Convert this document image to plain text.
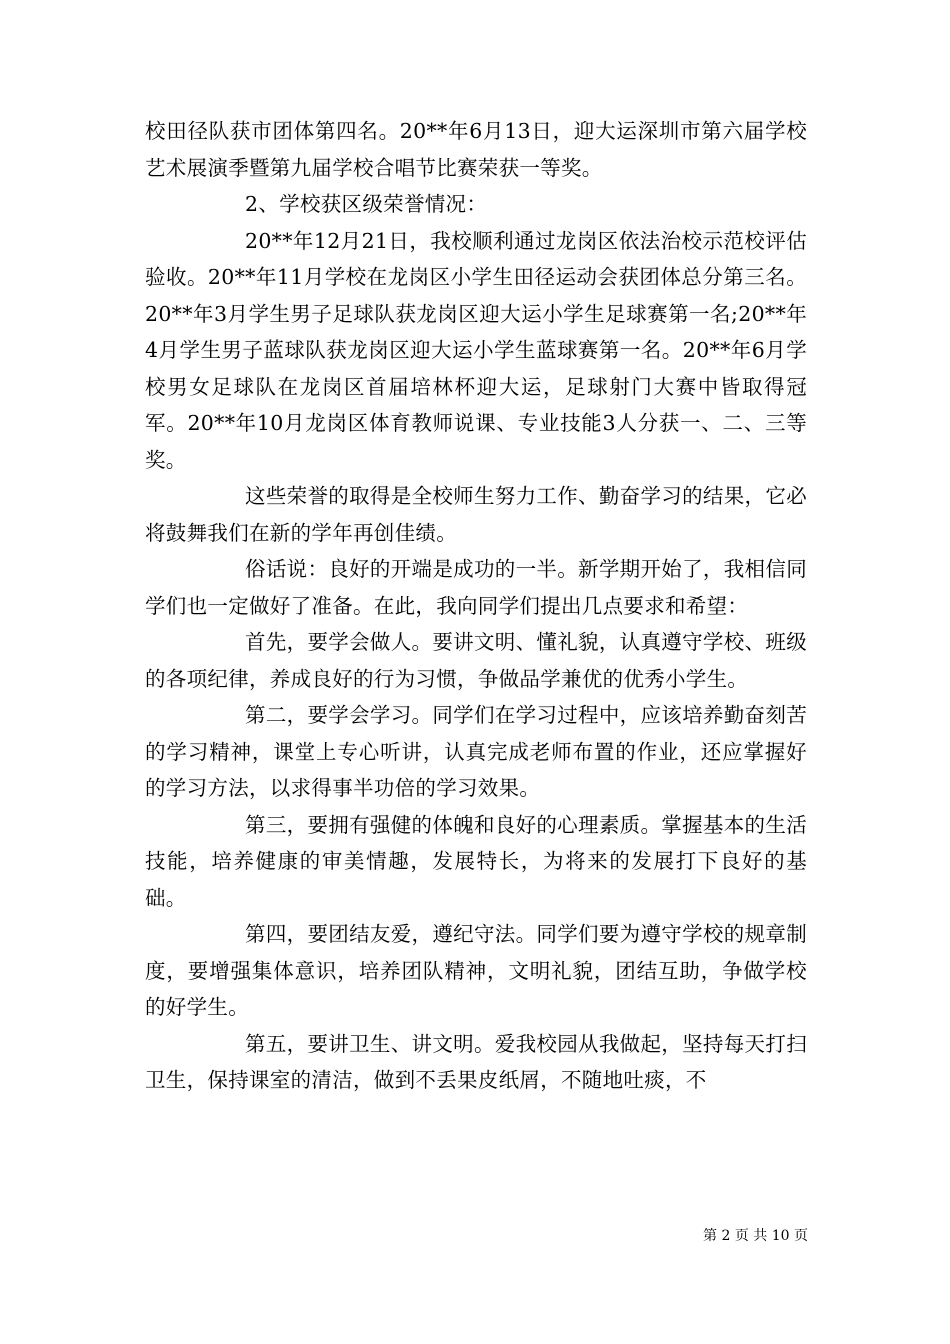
校田径队获市团体第四名。20**年6月13日，迎大运深圳市第六届学校艺术展演季暨第九届学校合唱节比赛荣获一等奖。

2、学校获区级荣誉情况：

20**年12月21日，我校顺利通过龙岗区依法治校示范校评估验收。20**年11月学校在龙岗区小学生田径运动会获团体总分第三名。20**年3月学生男子足球队获龙岗区迎大运小学生足球赛第一名;20**年4月学生男子蓝球队获龙岗区迎大运小学生蓝球赛第一名。20**年6月学校男女足球队在龙岗区首届培林杯迎大运，足球射门大赛中皆取得冠军。20**年10月龙岗区体育教师说课、专业技能3人分获一、二、三等奖。

这些荣誉的取得是全校师生努力工作、勤奋学习的结果，它必将鼓舞我们在新的学年再创佳绩。

俗话说：良好的开端是成功的一半。新学期开始了，我相信同学们也一定做好了准备。在此，我向同学们提出几点要求和希望：

首先，要学会做人。要讲文明、懂礼貌，认真遵守学校、班级的各项纪律，养成良好的行为习惯，争做品学兼优的优秀小学生。

第二，要学会学习。同学们在学习过程中，应该培养勤奋刻苦的学习精神，课堂上专心听讲，认真完成老师布置的作业，还应掌握好的学习方法，以求得事半功倍的学习效果。

第三，要拥有强健的体魄和良好的心理素质。掌握基本的生活技能，培养健康的审美情趣，发展特长，为将来的发展打下良好的基础。

第四，要团结友爱，遵纪守法。同学们要为遵守学校的规章制度，要增强集体意识，培养团队精神，文明礼貌，团结互助，争做学校的好学生。

第五，要讲卫生、讲文明。爱我校园从我做起，坚持每天打扫卫生，保持课室的清洁，做到不丢果皮纸屑，不随地吐痰，不

第 2 页 共 10 页
